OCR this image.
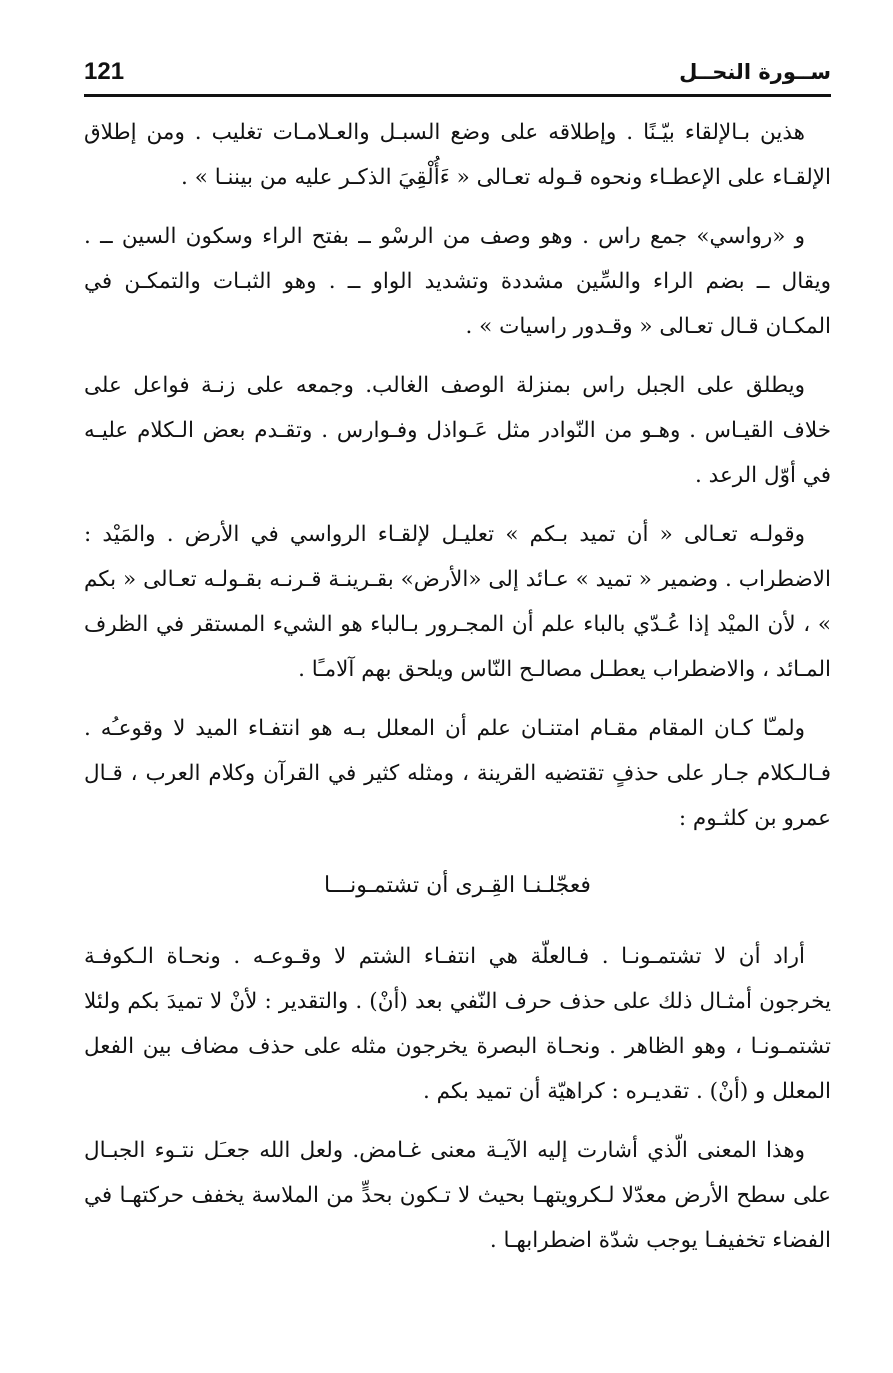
121	ســورة النحــل

هذين بـالإلقاء بيّـنًا . وإطلاقه على وضع السبـل والعـلامـات تغليب . ومن إطلاق الإلقـاء على الإعطـاء ونحوه قـوله تعـالى « ءَأُلْقِيَ الذكـر عليه من بيننـا » .

و «رواسي» جمع راس . وهو وصف من الرسْو ــ بفتح الراء وسكون السين ــ . ويقال ــ بضم الراء والسِّين مشددة وتشديد الواو ــ . وهو الثبـات والتمكـن في المكـان قـال تعـالى « وقـدور راسيات » .

ويطلق على الجبل راس بمنزلة الوصف الغالب. وجمعه على زنـة فواعل على خلاف القيـاس . وهـو من النّوادر مثل عَـواذل وفـوارس . وتقـدم بعض الـكلام عليـه في أوّل الرعد .

وقولـه تعـالى « أن تميد بـكم » تعليـل لإلقـاء الرواسي في الأرض . والمَيْد : الاضطراب . وضمير « تميد » عـائد إلى «الأرض» بقـرينـة قـرنـه بقـولـه تعـالى « بكم » ، لأن الميْد إذا عُـدّي بالباء علم أن المجـرور بـالباء هو الشيء المستقر في الظرف المـائد ، والاضطراب يعطـل مصالـح النّاس ويلحق بهم آلامـًا .

ولمـّا كـان المقام مقـام امتنـان علم أن المعلل بـه هو انتفـاء الميد لا وقوعـُه . فـالـكلام جـار على حذفٍ تقتضيه القرينة ، ومثله كثير في القرآن وكلام العرب ، قـال عمرو بن كلثـوم :

فعجّلـنـا القِـرى أن تشتمـونـــا

أراد أن لا تشتمـونـا . فـالعلّة هي انتفـاء الشتم لا وقـوعـه . ونحـاة الـكوفـة يخرجون أمثـال ذلك على حذف حرف النّفي بعد (أنْ) . والتقدير : لأنْ لا تميدَ بكم ولئلا تشتمـونـا ، وهو الظاهر . ونحـاة البصرة يخرجون مثله على حذف مضاف بين الفعل المعلل و (أنْ) . تقديـره : كراهيّة أن تميد بكم .

وهذا المعنى الّذي أشارت إليه الآيـة معنى غـامض. ولعل الله جعـَل نتـوء الجبـال على سطح الأرض معدّلا لـكرويتهـا بحيث لا تـكون بحدٍّ من الملاسة يخفف حركتهـا في الفضاء تخفيفـا يوجب شدّة اضطرابهـا .
